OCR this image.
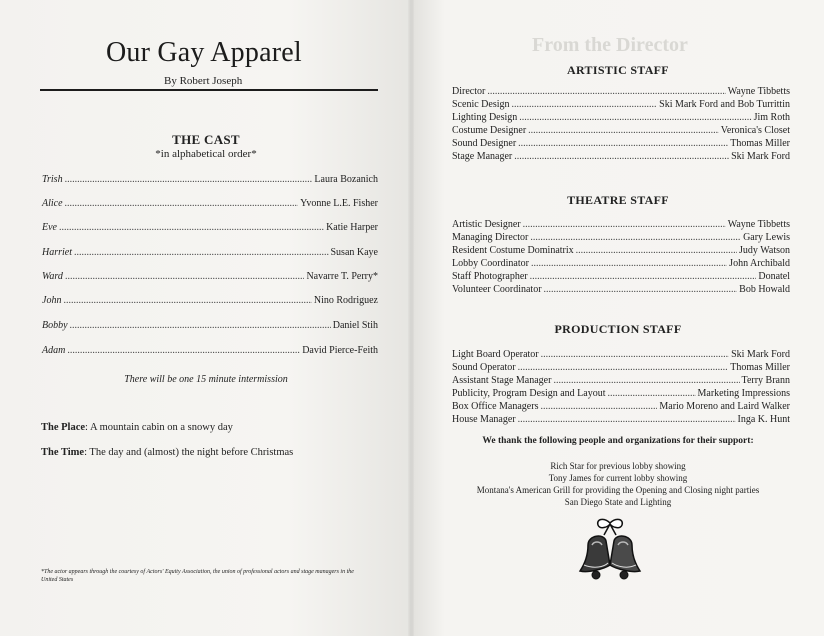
From the Director
Our Gay Apparel
By Robert Joseph
THE CAST
*in alphabetical order*
Trish .....	Laura Bozanich
Alice .....	Yvonne L.E. Fisher
Eve .....	Katie Harper
Harriet .....	Susan Kaye
Ward .....	Navarre T. Perry*
John .....	Nino Rodriguez
Bobby .....	Daniel Stih
Adam .....	David Pierce-Feith
There will be one 15 minute intermission
The Place: A mountain cabin on a snowy day
The Time: The day and (almost) the night before Christmas
*The actor appears through the courtesy of Actors' Equity Association, the union of professional actors and stage managers in the United States
ARTISTIC STAFF
Director .....	Wayne Tibbetts
Scenic Design .....	Ski Mark Ford and Bob Turrittin
Lighting Design .....	Jim Roth
Costume Designer .....	Veronica's Closet
Sound Designer .....	Thomas Miller
Stage Manager .....	Ski Mark Ford
THEATRE STAFF
Artistic Designer .....	Wayne Tibbetts
Managing Director .....	Gary Lewis
Resident Costume Dominatrix .....	Judy Watson
Lobby Coordinator .....	John Archibald
Staff Photographer .....	Donatel
Volunteer Coordinator .....	Bob Howald
PRODUCTION STAFF
Light Board Operator .....	Ski Mark Ford
Sound Operator .....	Thomas Miller
Assistant Stage Manager .....	Terry Brann
Publicity, Program Design and Layout .....	Marketing Impressions
Box Office Managers .....	Mario Moreno and Laird Walker
House Manager .....	Inga K. Hunt
We thank the following people and organizations for their support:
Rich Star for previous lobby showing
Tony James for current lobby showing
Montana's American Grill for providing the Opening and Closing night parties
San Diego State and Lighting
